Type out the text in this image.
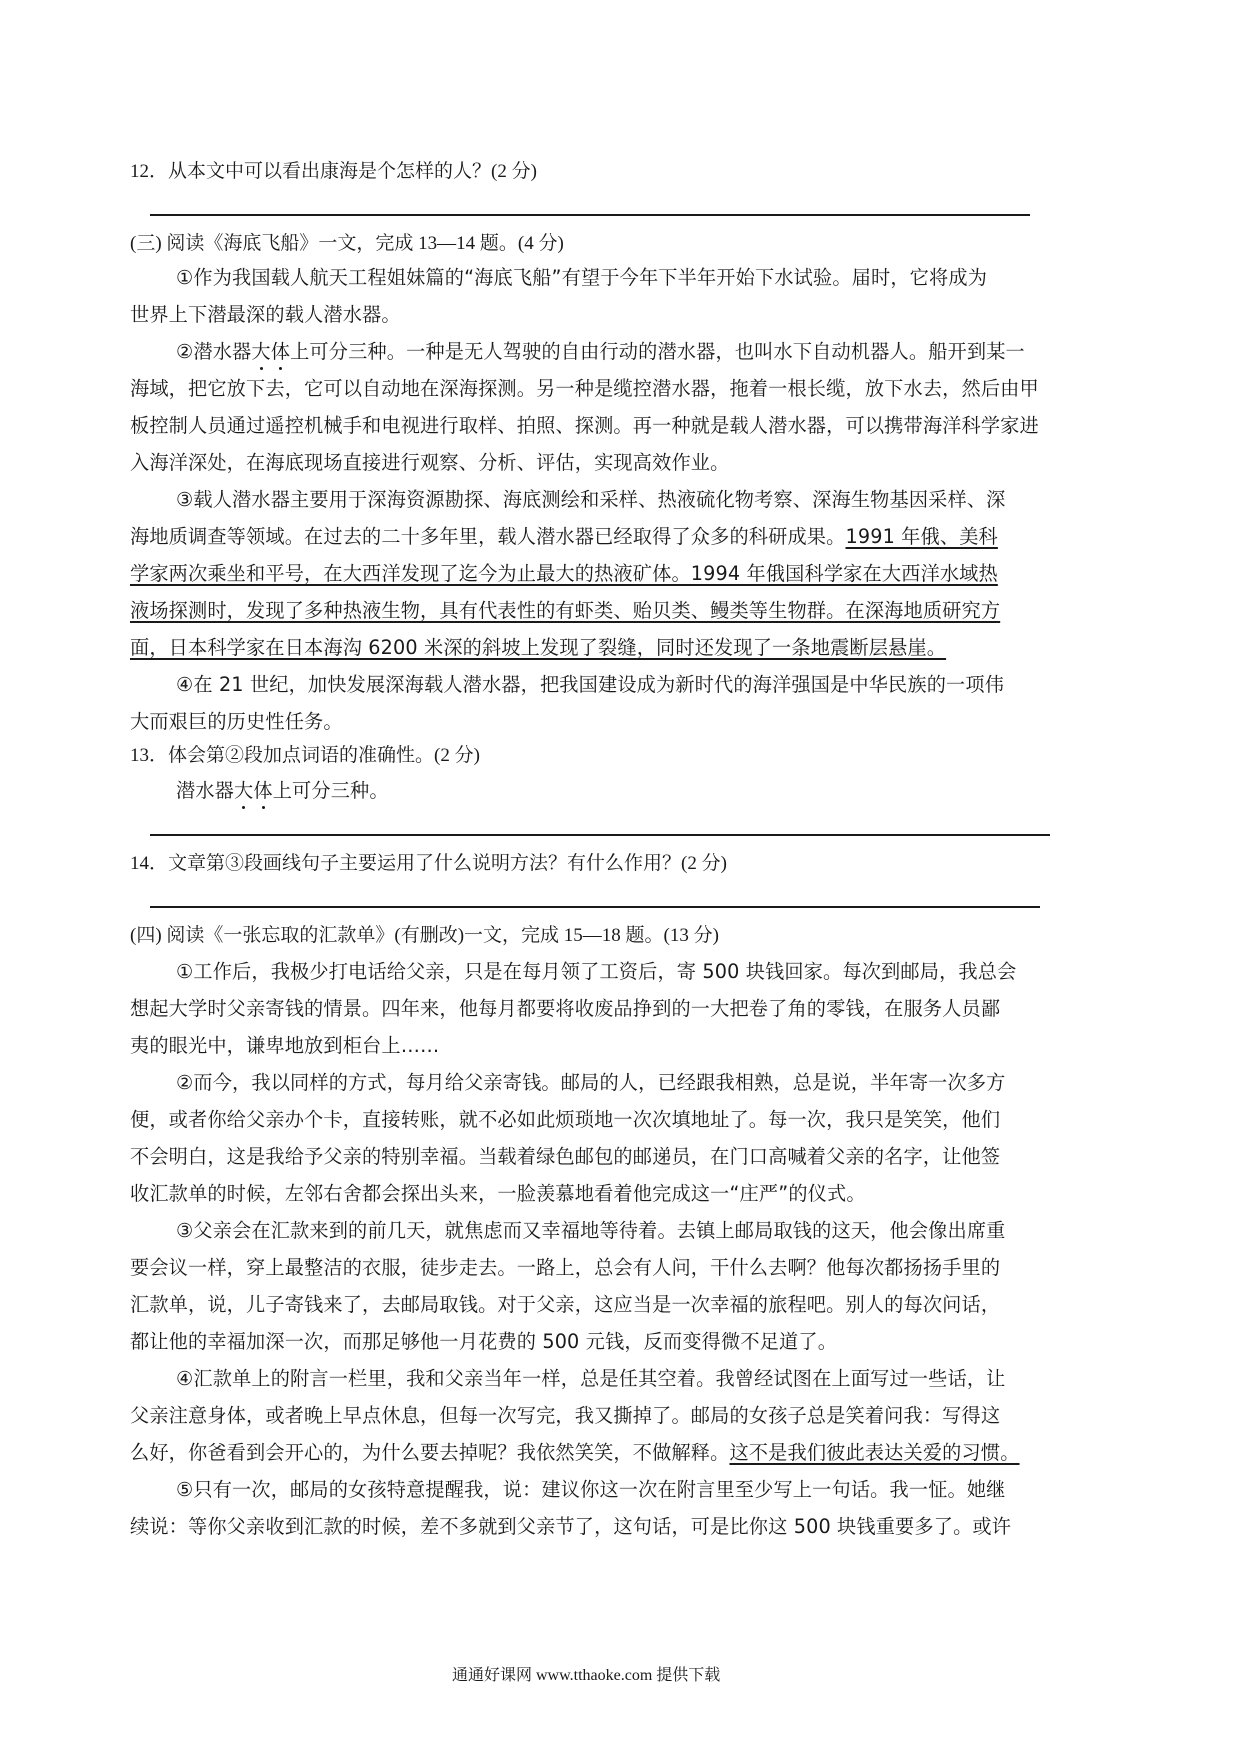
12．从本文中可以看出康海是个怎样的人？(2 分)
(三) 阅读《海底飞船》一文，完成 13—14 题。(4 分)
①作为我国载人航天工程姐妹篇的“海底飞船”有望于今年下半年开始下水试验。届时，它将成为
世界上下潜最深的载人潜水器。
②潜水器大体上可分三种。一种是无人驾驶的自由行动的潜水器，也叫水下自动机器人。船开到某一
海域，把它放下去，它可以自动地在深海探测。另一种是缆控潜水器，拖着一根长缆，放下水去，然后由甲
板控制人员通过遥控机械手和电视进行取样、拍照、探测。再一种就是载人潜水器，可以携带海洋科学家进
入海洋深处，在海底现场直接进行观察、分析、评估，实现高效作业。
③载人潜水器主要用于深海资源勘探、海底测绘和采样、热液硫化物考察、深海生物基因采样、深
海地质调查等领域。在过去的二十多年里，载人潜水器已经取得了众多的科研成果。1991 年俄、美科
学家两次乘坐和平号，在大西洋发现了迄今为止最大的热液矿体。1994 年俄国科学家在大西洋水域热
液场探测时，发现了多种热液生物，具有代表性的有虾类、贻贝类、鳗类等生物群。在深海地质研究方
面，日本科学家在日本海沟 6200 米深的斜坡上发现了裂缝，同时还发现了一条地震断层悬崖。
④在 21 世纪，加快发展深海载人潜水器，把我国建设成为新时代的海洋强国是中华民族的一项伟
大而艰巨的历史性任务。
13．体会第②段加点词语的准确性。(2 分)
潜水器大体上可分三种。
14．文章第③段画线句子主要运用了什么说明方法？有什么作用？(2 分)
(四) 阅读《一张忘取的汇款单》(有删改)一文，完成 15—18 题。(13 分)
①工作后，我极少打电话给父亲，只是在每月领了工资后，寄 500 块钱回家。每次到邮局，我总会
想起大学时父亲寄钱的情景。四年来，他每月都要将收废品挣到的一大把卷了角的零钱，在服务人员鄙
夷的眼光中，谦卑地放到柜台上……
②而今，我以同样的方式，每月给父亲寄钱。邮局的人，已经跟我相熟，总是说，半年寄一次多方
便，或者你给父亲办个卡，直接转账，就不必如此烦琐地一次次填地址了。每一次，我只是笑笑，他们
不会明白，这是我给予父亲的特别幸福。当载着绿色邮包的邮递员，在门口高喊着父亲的名字，让他签
收汇款单的时候，左邻右舍都会探出头来，一脸羡慕地看着他完成这一“庄严”的仪式。
③父亲会在汇款来到的前几天，就焦虑而又幸福地等待着。去镇上邮局取钱的这天，他会像出席重
要会议一样，穿上最整洁的衣服，徒步走去。一路上，总会有人问，干什么去啊？他每次都扬扬手里的
汇款单，说，儿子寄钱来了，去邮局取钱。对于父亲，这应当是一次幸福的旅程吧。别人的每次问话，
都让他的幸福加深一次，而那足够他一月花费的 500 元钱，反而变得微不足道了。
④汇款单上的附言一栏里，我和父亲当年一样，总是任其空着。我曾经试图在上面写过一些话，让
父亲注意身体，或者晚上早点休息，但每一次写完，我又撕掉了。邮局的女孩子总是笑着问我：写得这
么好，你爸看到会开心的，为什么要去掉呢？我依然笑笑，不做解释。这不是我们彼此表达关爱的习惯。
⑤只有一次，邮局的女孩特意提醒我，说：建议你这一次在附言里至少写上一句话。我一怔。她继
续说：等你父亲收到汇款的时候，差不多就到父亲节了，这句话，可是比你这 500 块钱重要多了。或许
通通好课网 www.tthaoke.com 提供下载
